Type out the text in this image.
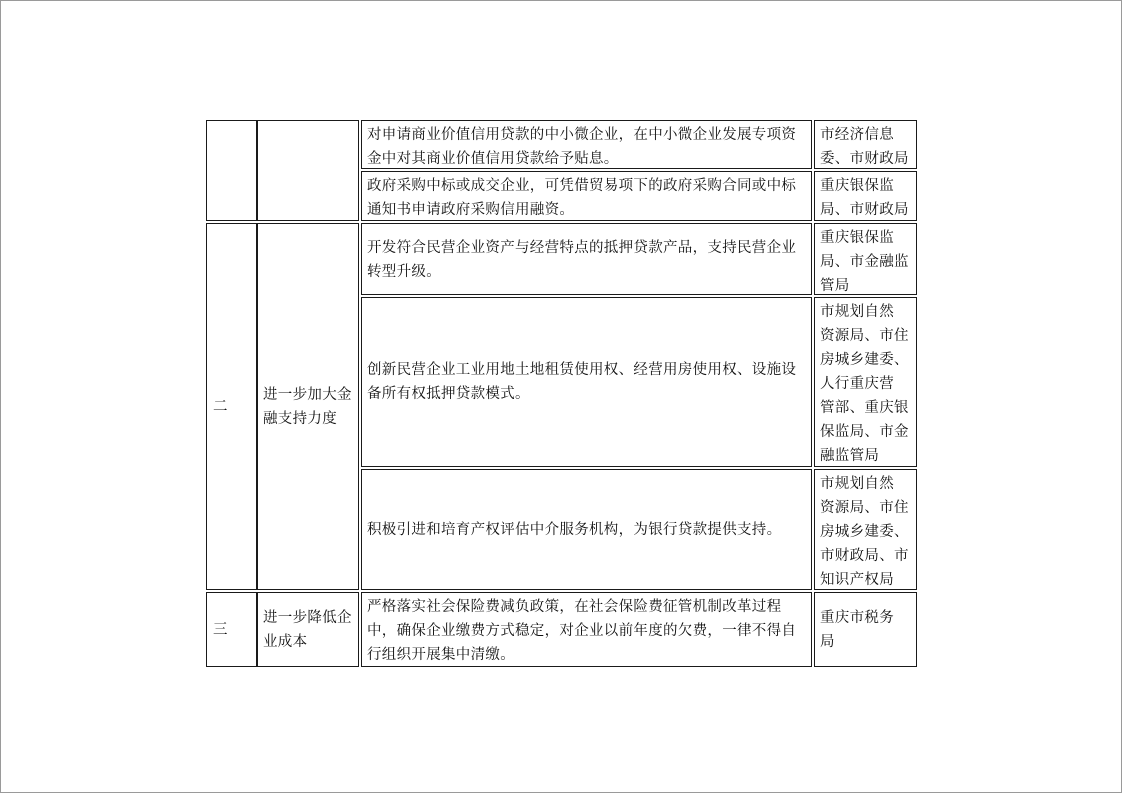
对申请商业价值信用贷款的中小微企业，在中小微企业发展专项资金中对其商业价值信用贷款给予贴息。
市经济信息
委、市财政局
政府采购中标或成交企业，可凭借贸易项下的政府采购合同或中标通知书申请政府采购信用融资。
重庆银保监
局、市财政局
二
进一步加大金融支持力度
开发符合民营企业资产与经营特点的抵押贷款产品，支持民营企业转型升级。
重庆银保监
局、市金融监
管局
创新民营企业工业用地土地租赁使用权、经营用房使用权、设施设备所有权抵押贷款模式。
市规划自然
资源局、市住
房城乡建委、
人行重庆营
管部、重庆银
保监局、市金
融监管局
积极引进和培育产权评估中介服务机构，为银行贷款提供支持。
市规划自然
资源局、市住
房城乡建委、
市财政局、市
知识产权局
三
进一步降低企业成本
严格落实社会保险费减负政策，在社会保险费征管机制改革过程中，确保企业缴费方式稳定，对企业以前年度的欠费，一律不得自行组织开展集中清缴。
重庆市税务
局
